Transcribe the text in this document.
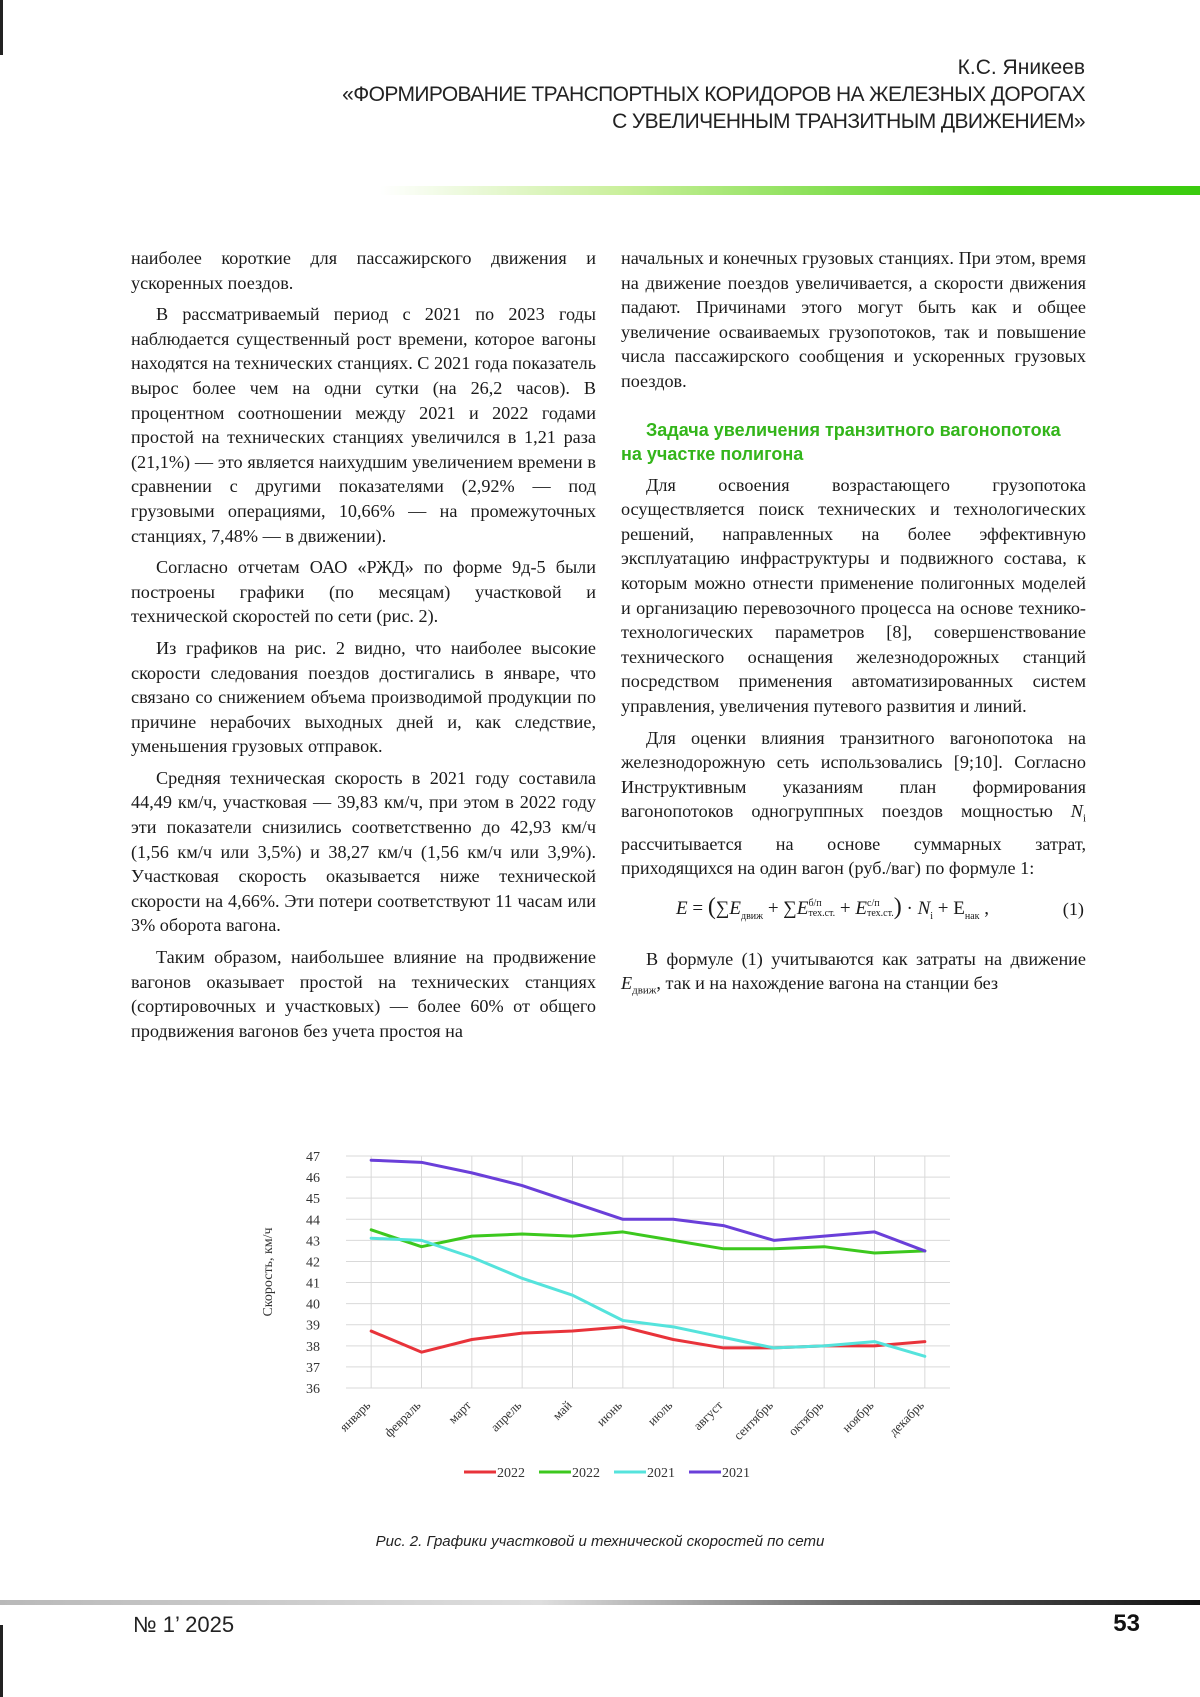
К.С. Яникеев
«ФОРМИРОВАНИЕ ТРАНСПОРТНЫХ КОРИДОРОВ НА ЖЕЛЕЗНЫХ ДОРОГАХ
С УВЕЛИЧЕННЫМ ТРАНЗИТНЫМ ДВИЖЕНИЕМ»

наиболее короткие для пассажирского движения и ускоренных поездов.

В рассматриваемый период с 2021 по 2023 годы наблюдается существенный рост времени, которое вагоны находятся на технических станциях. С 2021 года показатель вырос более чем на одни сутки (на 26,2 часов). В процентном соотношении между 2021 и 2022 годами простой на технических станциях увеличился в 1,21 раза (21,1%) — это является наихудшим увеличением времени в сравнении с другими показателями (2,92% — под грузовыми операциями, 10,66% — на промежуточных станциях, 7,48% — в движении).

Согласно отчетам ОАО «РЖД» по форме 9д-5 были построены графики (по месяцам) участковой и технической скоростей по сети (рис. 2).

Из графиков на рис. 2 видно, что наиболее высокие скорости следования поездов достигались в январе, что связано со снижением объема производимой продукции по причине нерабочих выходных дней и, как следствие, уменьшения грузовых отправок.

Средняя техническая скорость в 2021 году составила 44,49 км/ч, участковая — 39,83 км/ч, при этом в 2022 году эти показатели снизились соответственно до 42,93 км/ч (1,56 км/ч или 3,5%) и 38,27 км/ч (1,56 км/ч или 3,9%). Участковая скорость оказывается ниже технической скорости на 4,66%. Эти потери соответствуют 11 часам или 3% оборота вагона.

Таким образом, наибольшее влияние на продвижение вагонов оказывает простой на технических станциях (сортировочных и участковых) — более 60% от общего продвижения вагонов без учета простоя на

начальных и конечных грузовых станциях. При этом, время на движение поездов увеличивается, а скорости движения падают. Причинами этого могут быть как и общее увеличение осваиваемых грузопотоков, так и повышение числа пассажирского сообщения и ускоренных грузовых поездов.

Задача увеличения транзитного вагонопотока на участке полигона

Для освоения возрастающего грузопотока осуществляется поиск технических и технологических решений, направленных на более эффективную эксплуатацию инфраструктуры и подвижного состава, к которым можно отнести применение полигонных моделей и организацию перевозочного процесса на основе технико-технологических параметров [8], совершенствование технического оснащения железнодорожных станций посредством применения автоматизированных систем управления, увеличения путевого развития и линий.

Для оценки влияния транзитного вагонопотока на железнодорожную сеть использовались [9;10]. Согласно Инструктивным указаниям план формирования вагонопотоков одногруппных поездов мощностью $N_i$ рассчитывается на основе суммарных затрат, приходящихся на один вагон (руб./ваг) по формуле 1:

$E = (\sum E_{движ} + \sum Eб/п$
тех.ст. + Eс/п
$тех.ст.) \cdot N_i + Е_{нак}$ ,	(1)

В формуле (1) учитываются как затраты на движение $E_{движ}$, так и на нахождение вагона на станции без

36
37
38
39
40
41
42
43
44
45
46
47
январь февраль март апрель май июнь июль август сентябрь октябрь ноябрь декабрь
Скорость, км/ч
2022	2022	2021	2021
Рис. 2. Графики участковой и технической скоростей по сети
№ 1’ 2025	53
